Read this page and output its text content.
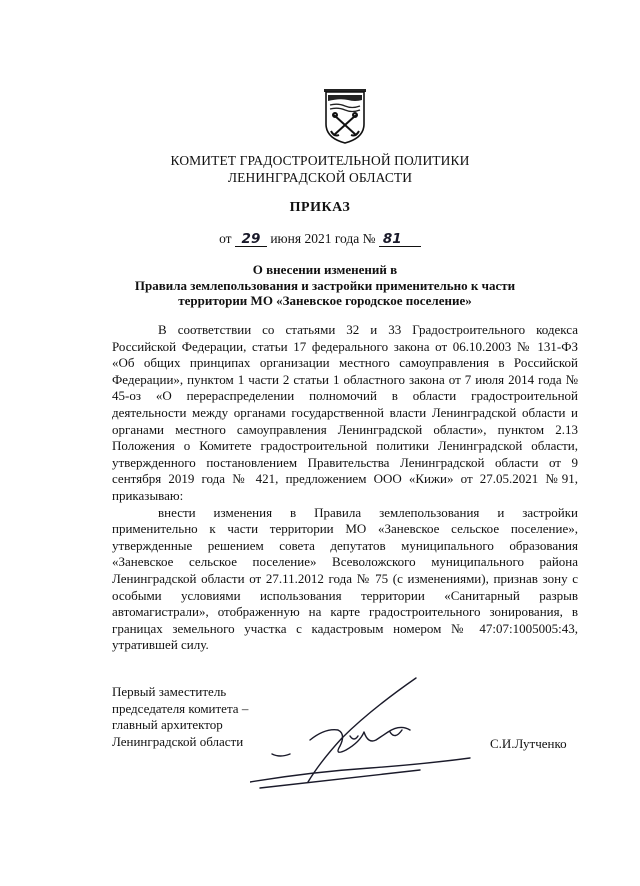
КОМИТЕТ ГРАДОСТРОИТЕЛЬНОЙ ПОЛИТИКИ
ЛЕНИНГРАДСКОЙ ОБЛАСТИ
ПРИКАЗ
от 29 июня 2021 года № 81
О внесении изменений в
Правила землепользования и застройки применительно к части
территории МО «Заневское городское поселение»

В соответствии со статьями 32 и 33 Градостроительного кодекса Российской Федерации, статьи 17 федерального закона от 06.10.2003 № 131-ФЗ «Об общих принципах организации местного самоуправления в Российской Федерации», пунктом 1 части 2 статьи 1 областного закона от 7 июля 2014 года № 45-оз «О перераспределении полномочий в области градостроительной деятельности между органами государственной власти Ленинградской области и органами местного самоуправления Ленинградской области», пунктом 2.13 Положения о Комитете градостроительной политики Ленинградской области, утвержденного постановлением Правительства Ленинградской области от 9 сентября 2019 года № 421, предложением ООО «Кижи» от 27.05.2021 №91, приказываю:

внести изменения в Правила землепользования и застройки применительно к части территории МО «Заневское сельское поселение», утвержденные решением совета депутатов муниципального образования «Заневское сельское поселение» Всеволожского муниципального района Ленинградской области от 27.11.2012 года № 75 (с изменениями), признав зону с особыми условиями использования территории «Санитарный разрыв автомагистрали», отображенную на карте градостроительного зонирования, в границах земельного участка с кадастровым номером № 47:07:1005005:43, утратившей силу.

Первый заместитель
председателя комитета –
главный архитектор
Ленинградской области	С.И.Лутченко
